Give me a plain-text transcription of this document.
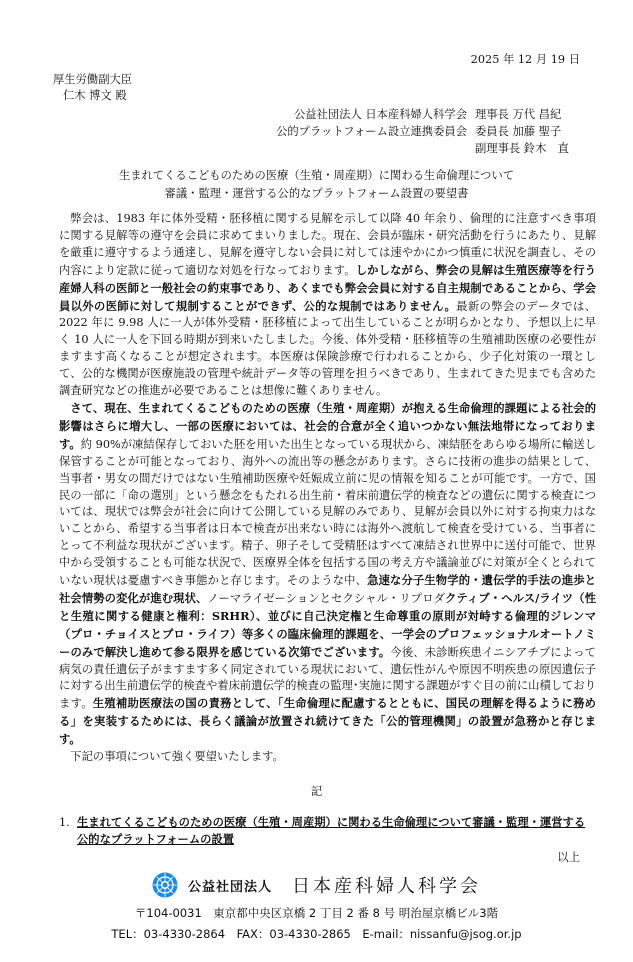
2025 年 12 月 19 日
厚生労働副大臣
仁木 博文 殿
公益社団法人 日本産科婦人科学会 理事長 万代 昌紀
公的プラットフォーム設立連携委員会 委員長 加藤 聖子
副理事長 鈴木　直
生まれてくるこどものための医療（生殖・周産期）に関わる生命倫理について
審議・監理・運営する公的なプラットフォーム設置の要望書

弊会は、1983 年に体外受精・胚移植に関する見解を示して以降 40 年余り、倫理的に注意すべき事項に関する見解等の遵守を会員に求めてまいりました。現在、会員が臨床・研究活動を行うにあたり、見解を厳重に遵守するよう通達し、見解を遵守しない会員に対しては速やかにかつ慎重に状況を調査し、その内容により定款に従って適切な対処を行なっております。しかしながら、弊会の見解は生殖医療等を行う産婦人科の医師と一般社会の約束事であり、あくまでも弊会会員に対する自主規制であることから、学会員以外の医師に対して規制することができず、公的な規制ではありません。最新の弊会のデータでは、2022 年に 9.98 人に一人が体外受精・胚移植によって出生していることが明らかとなり、予想以上に早く 10 人に一人を下回る時期が到来いたしました。今後、体外受精・胚移植等の生殖補助医療の必要性がますます高くなることが想定されます。本医療は保険診療で行われることから、少子化対策の一環として、公的な機関が医療施設の管理や統計データ等の管理を担うべきであり、生まれてきた児までも含めた調査研究などの推進が必要であることは想像に難くありません。

さて、現在、生まれてくるこどものための医療（生殖・周産期）が抱える生命倫理的課題による社会的影響はさらに増大し、一部の医療においては、社会的合意が全く追いつかない無法地帯になっております。約 90%が凍結保存しておいた胚を用いた出生となっている現状から、凍結胚をあらゆる場所に輸送し保管することが可能となっており、海外への流出等の懸念があります。さらに技術の進歩の結果として、当事者・男女の間だけではない生殖補助医療や妊娠成立前に児の情報を知ることが可能です。一方で、国民の一部に「命の選別」という懸念をもたれる出生前・着床前遺伝学的検査などの遺伝に関する検査については、現状では弊会が社会に向けて公開している見解のみであり、見解が会員以外に対する拘束力はないことから、希望する当事者は日本で検査が出来ない時には海外へ渡航して検査を受けている、当事者にとって不利益な現状がございます。精子、卵子そして受精胚はすべて凍結され世界中に送付可能で、世界中から受領することも可能な状況で、医療界全体を包括する国の考え方や議論並びに対策が全くとられていない現状は憂慮すべき事態かと存じます。そのような中、急速な分子生物学的・遺伝学的手法の進歩と社会情勢の変化が進む現状、ノーマライゼーションとセクシャル・リプロダクティブ・ヘルス/ライツ（性と生殖に関する健康と権利：SRHR）、並びに自己決定権と生命尊重の原則が対峙する倫理的ジレンマ（プロ・チョイスとプロ・ライフ）等多くの臨床倫理的課題を、一学会のプロフェッショナルオートノミーのみで解決し進めて参る限界を感じている次第でございます。今後、未診断疾患イニシアチブによって病気の責任遺伝子がますます多く同定されている現状において、遺伝性がんや原因不明疾患の原因遺伝子に対する出生前遺伝学的検査や着床前遺伝学的検査の監理･実施に関する課題がすぐ目の前に山積しております。生殖補助医療法の国の責務として、「生命倫理に配慮するとともに、国民の理解を得るように務める」を実装するためには、長らく議論が放置され続けてきた「公的管理機関」の設置が急務かと存じます。

下記の事項について強く要望いたします。

記
1. 生まれてくるこどものための医療（生殖・周産期）に関わる生命倫理について審議・監理・運営する公的なプラットフォームの設置
以上
公益社団法人 日本産科婦人科学会
〒104-0031　東京都中央区京橋 2 丁目 2 番 8 号 明治屋京橋ビル3階
TEL：03-4330-2864　FAX：03-4330-2865　E-mail：nissanfu@jsog.or.jp
